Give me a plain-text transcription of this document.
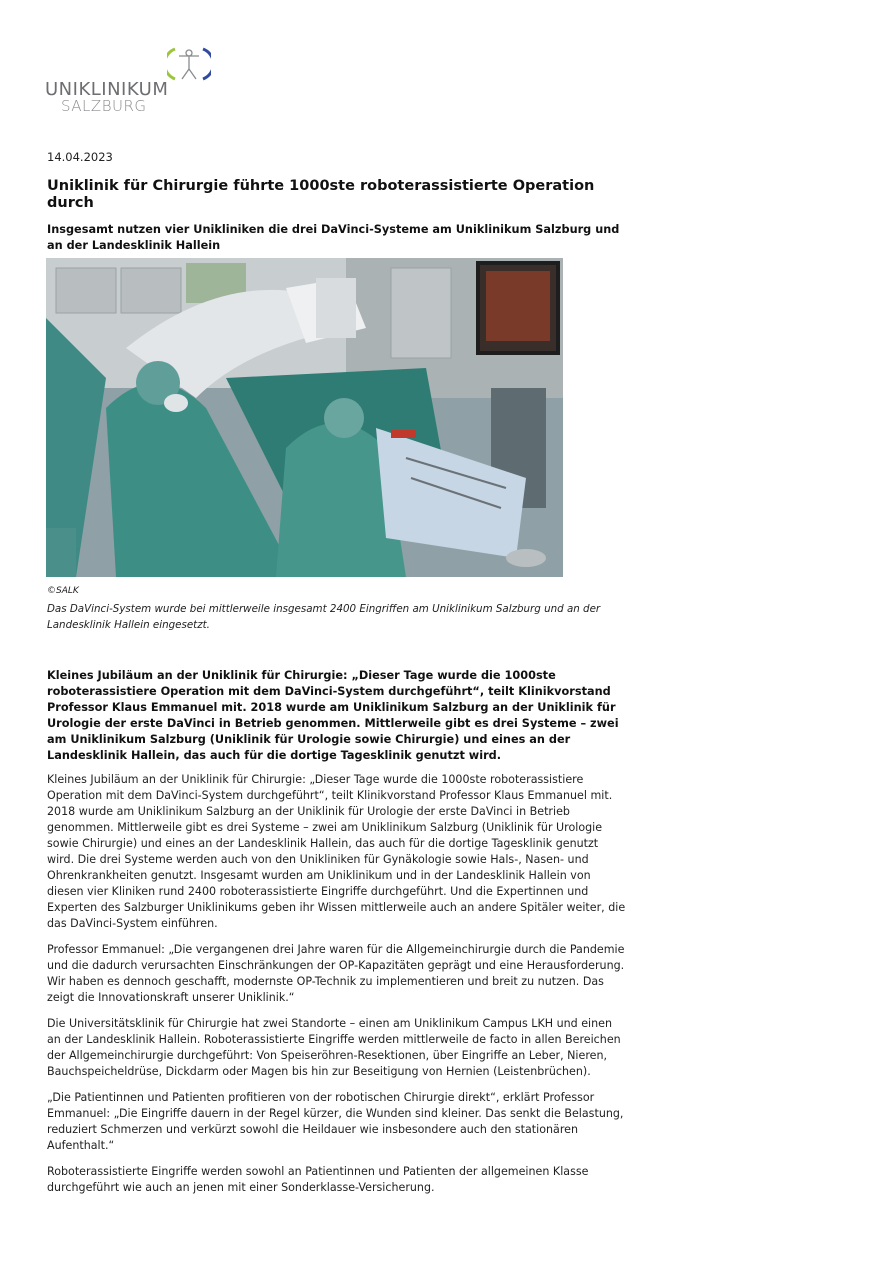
UNIKLINIKUM
SALZBURG
14.04.2023
Uniklinik für Chirurgie führte 1000ste roboterassistierte Operation durch
Insgesamt nutzen vier Unikliniken die drei DaVinci-Systeme am Uniklinikum Salzburg und an der Landesklinik Hallein
©SALK
Das DaVinci-System wurde bei mittlerweile insgesamt 2400 Eingriffen am Uniklinikum Salzburg und an der Landesklinik Hallein eingesetzt.
Kleines Jubiläum an der Uniklinik für Chirurgie: „Dieser Tage wurde die 1000ste roboterassistiere Operation mit dem DaVinci-System durchgeführt“, teilt Klinikvorstand Professor Klaus Emmanuel mit. 2018 wurde am Uniklinikum Salzburg an der Uniklinik für Urologie der erste DaVinci in Betrieb genommen. Mittlerweile gibt es drei Systeme – zwei am Uniklinikum Salzburg (Uniklinik für Urologie sowie Chirurgie) und eines an der Landesklinik Hallein, das auch für die dortige Tagesklinik genutzt wird.

Kleines Jubiläum an der Uniklinik für Chirurgie: „Dieser Tage wurde die 1000ste roboterassistiere Operation mit dem DaVinci-System durchgeführt“, teilt Klinikvorstand Professor Klaus Emmanuel mit. 2018 wurde am Uniklinikum Salzburg an der Uniklinik für Urologie der erste DaVinci in Betrieb genommen. Mittlerweile gibt es drei Systeme – zwei am Uniklinikum Salzburg (Uniklinik für Urologie sowie Chirurgie) und eines an der Landesklinik Hallein, das auch für die dortige Tagesklinik genutzt wird. Die drei Systeme werden auch von den Unikliniken für Gynäkologie sowie Hals-, Nasen- und Ohrenkrankheiten genutzt. Insgesamt wurden am Uniklinikum und in der Landesklinik Hallein von diesen vier Kliniken rund 2400 roboterassistierte Eingriffe durchgeführt. Und die Expertinnen und Experten des Salzburger Uniklinikums geben ihr Wissen mittlerweile auch an andere Spitäler weiter, die das DaVinci-System einführen.

Professor Emmanuel: „Die vergangenen drei Jahre waren für die Allgemeinchirurgie durch die Pandemie und die dadurch verursachten Einschränkungen der OP-Kapazitäten geprägt und eine Herausforderung. Wir haben es dennoch geschafft, modernste OP-Technik zu implementieren und breit zu nutzen. Das zeigt die Innovationskraft unserer Uniklinik.“

Die Universitätsklinik für Chirurgie hat zwei Standorte – einen am Uniklinikum Campus LKH und einen an der Landesklinik Hallein. Roboterassistierte Eingriffe werden mittlerweile de facto in allen Bereichen der Allgemeinchirurgie durchgeführt: Von Speiseröhren-Resektionen, über Eingriffe an Leber, Nieren, Bauchspeicheldrüse, Dickdarm oder Magen bis hin zur Beseitigung von Hernien (Leistenbrüchen).

„Die Patientinnen und Patienten profitieren von der robotischen Chirurgie direkt“, erklärt Professor Emmanuel: „Die Eingriffe dauern in der Regel kürzer, die Wunden sind kleiner. Das senkt die Belastung, reduziert Schmerzen und verkürzt sowohl die Heildauer wie insbesondere auch den stationären Aufenthalt.“

Roboterassistierte Eingriffe werden sowohl an Patientinnen und Patienten der allgemeinen Klasse durchgeführt wie auch an jenen mit einer Sonderklasse-Versicherung.
